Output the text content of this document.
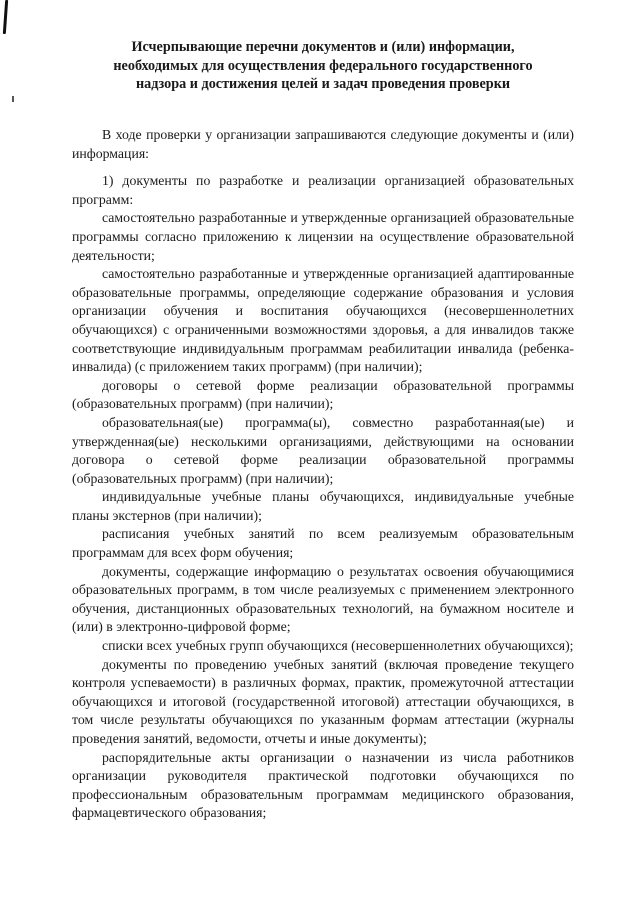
Исчерпывающие перечни документов и (или) информации,
необходимых для осуществления федерального государственного
надзора и достижения целей и задач проведения проверки

В ходе проверки у организации запрашиваются следующие документы и (или) информация:

1) документы по разработке и реализации организацией образовательных программ:

самостоятельно разработанные и утвержденные организацией образовательные программы согласно приложению к лицензии на осуществление образовательной деятельности;

самостоятельно разработанные и утвержденные организацией адаптированные образовательные программы, определяющие содержание образования и условия организации обучения и воспитания обучающихся (несовершеннолетних обучающихся) с ограниченными возможностями здоровья, а для инвалидов также соответствующие индивидуальным программам реабилитации инвалида (ребенка-инвалида) (с приложением таких программ) (при наличии);

договоры о сетевой форме реализации образовательной программы (образовательных программ) (при наличии);

образовательная(ые) программа(ы), совместно разработанная(ые) и утвержденная(ые) несколькими организациями, действующими на основании договора о сетевой форме реализации образовательной программы (образовательных программ) (при наличии);

индивидуальные учебные планы обучающихся, индивидуальные учебные планы экстернов (при наличии);

расписания учебных занятий по всем реализуемым образовательным программам для всех форм обучения;

документы, содержащие информацию о результатах освоения обучающимися образовательных программ, в том числе реализуемых с применением электронного обучения, дистанционных образовательных технологий, на бумажном носителе и (или) в электронно-цифровой форме;

списки всех учебных групп обучающихся (несовершеннолетних обучающихся);

документы по проведению учебных занятий (включая проведение текущего контроля успеваемости) в различных формах, практик, промежуточной аттестации обучающихся и итоговой (государственной итоговой) аттестации обучающихся, в том числе результаты обучающихся по указанным формам аттестации (журналы проведения занятий, ведомости, отчеты и иные документы);

распорядительные акты организации о назначении из числа работников организации руководителя практической подготовки обучающихся по профессиональным образовательным программам медицинского образования, фармацевтического образования;
